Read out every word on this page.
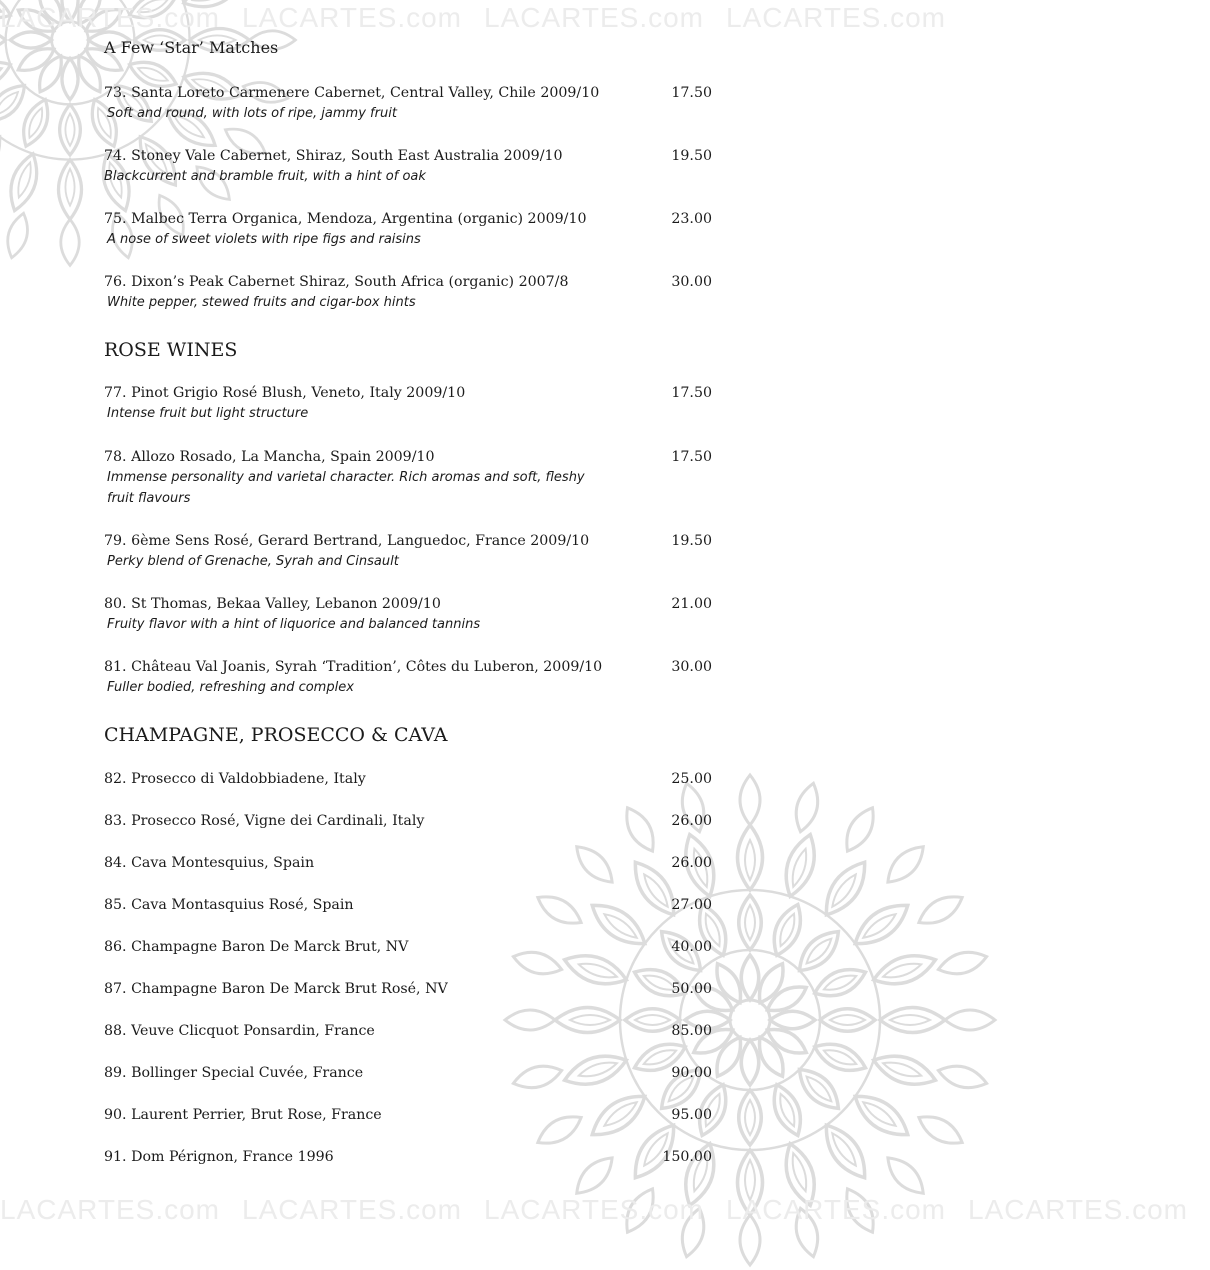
LACARTES.com LACARTES.com LACARTES.com LACARTES.com
LACARTES.com LACARTES.com LACARTES.com LACARTES.com LACARTES.com
A Few ‘Star’ Matches
73. Santa Loreto Carmenere Cabernet, Central Valley, Chile 2009/10	17.50
Soft and round, with lots of ripe, jammy fruit
74. Stoney Vale Cabernet, Shiraz, South East Australia 2009/10	19.50
Blackcurrent and bramble fruit, with a hint of oak
75. Malbec Terra Organica, Mendoza, Argentina (organic) 2009/10	23.00
A nose of sweet violets with ripe figs and raisins
76. Dixon’s Peak Cabernet Shiraz, South Africa (organic) 2007/8	30.00
White pepper, stewed fruits and cigar-box hints
ROSE WINES
77. Pinot Grigio Rosé Blush, Veneto, Italy 2009/10	17.50
Intense fruit but light structure
78. Allozo Rosado, La Mancha, Spain 2009/10	17.50
Immense personality and varietal character. Rich aromas and soft, fleshy fruit flavours
79. 6ème Sens Rosé, Gerard Bertrand, Languedoc, France 2009/10	19.50
Perky blend of Grenache, Syrah and Cinsault
80. St Thomas, Bekaa Valley, Lebanon 2009/10	21.00
Fruity flavor with a hint of liquorice and balanced tannins
81. Château Val Joanis, Syrah ‘Tradition’, Côtes du Luberon, 2009/10	30.00
Fuller bodied, refreshing and complex
CHAMPAGNE, PROSECCO & CAVA
82. Prosecco di Valdobbiadene, Italy	25.00
83. Prosecco Rosé, Vigne dei Cardinali, Italy	26.00
84. Cava Montesquius, Spain	26.00
85. Cava Montasquius Rosé, Spain	27.00
86. Champagne Baron De Marck Brut, NV	40.00
87. Champagne Baron De Marck Brut Rosé, NV	50.00
88. Veuve Clicquot Ponsardin, France	85.00
89. Bollinger Special Cuvée, France	90.00
90. Laurent Perrier, Brut Rose, France	95.00
91. Dom Pérignon, France 1996	150.00
